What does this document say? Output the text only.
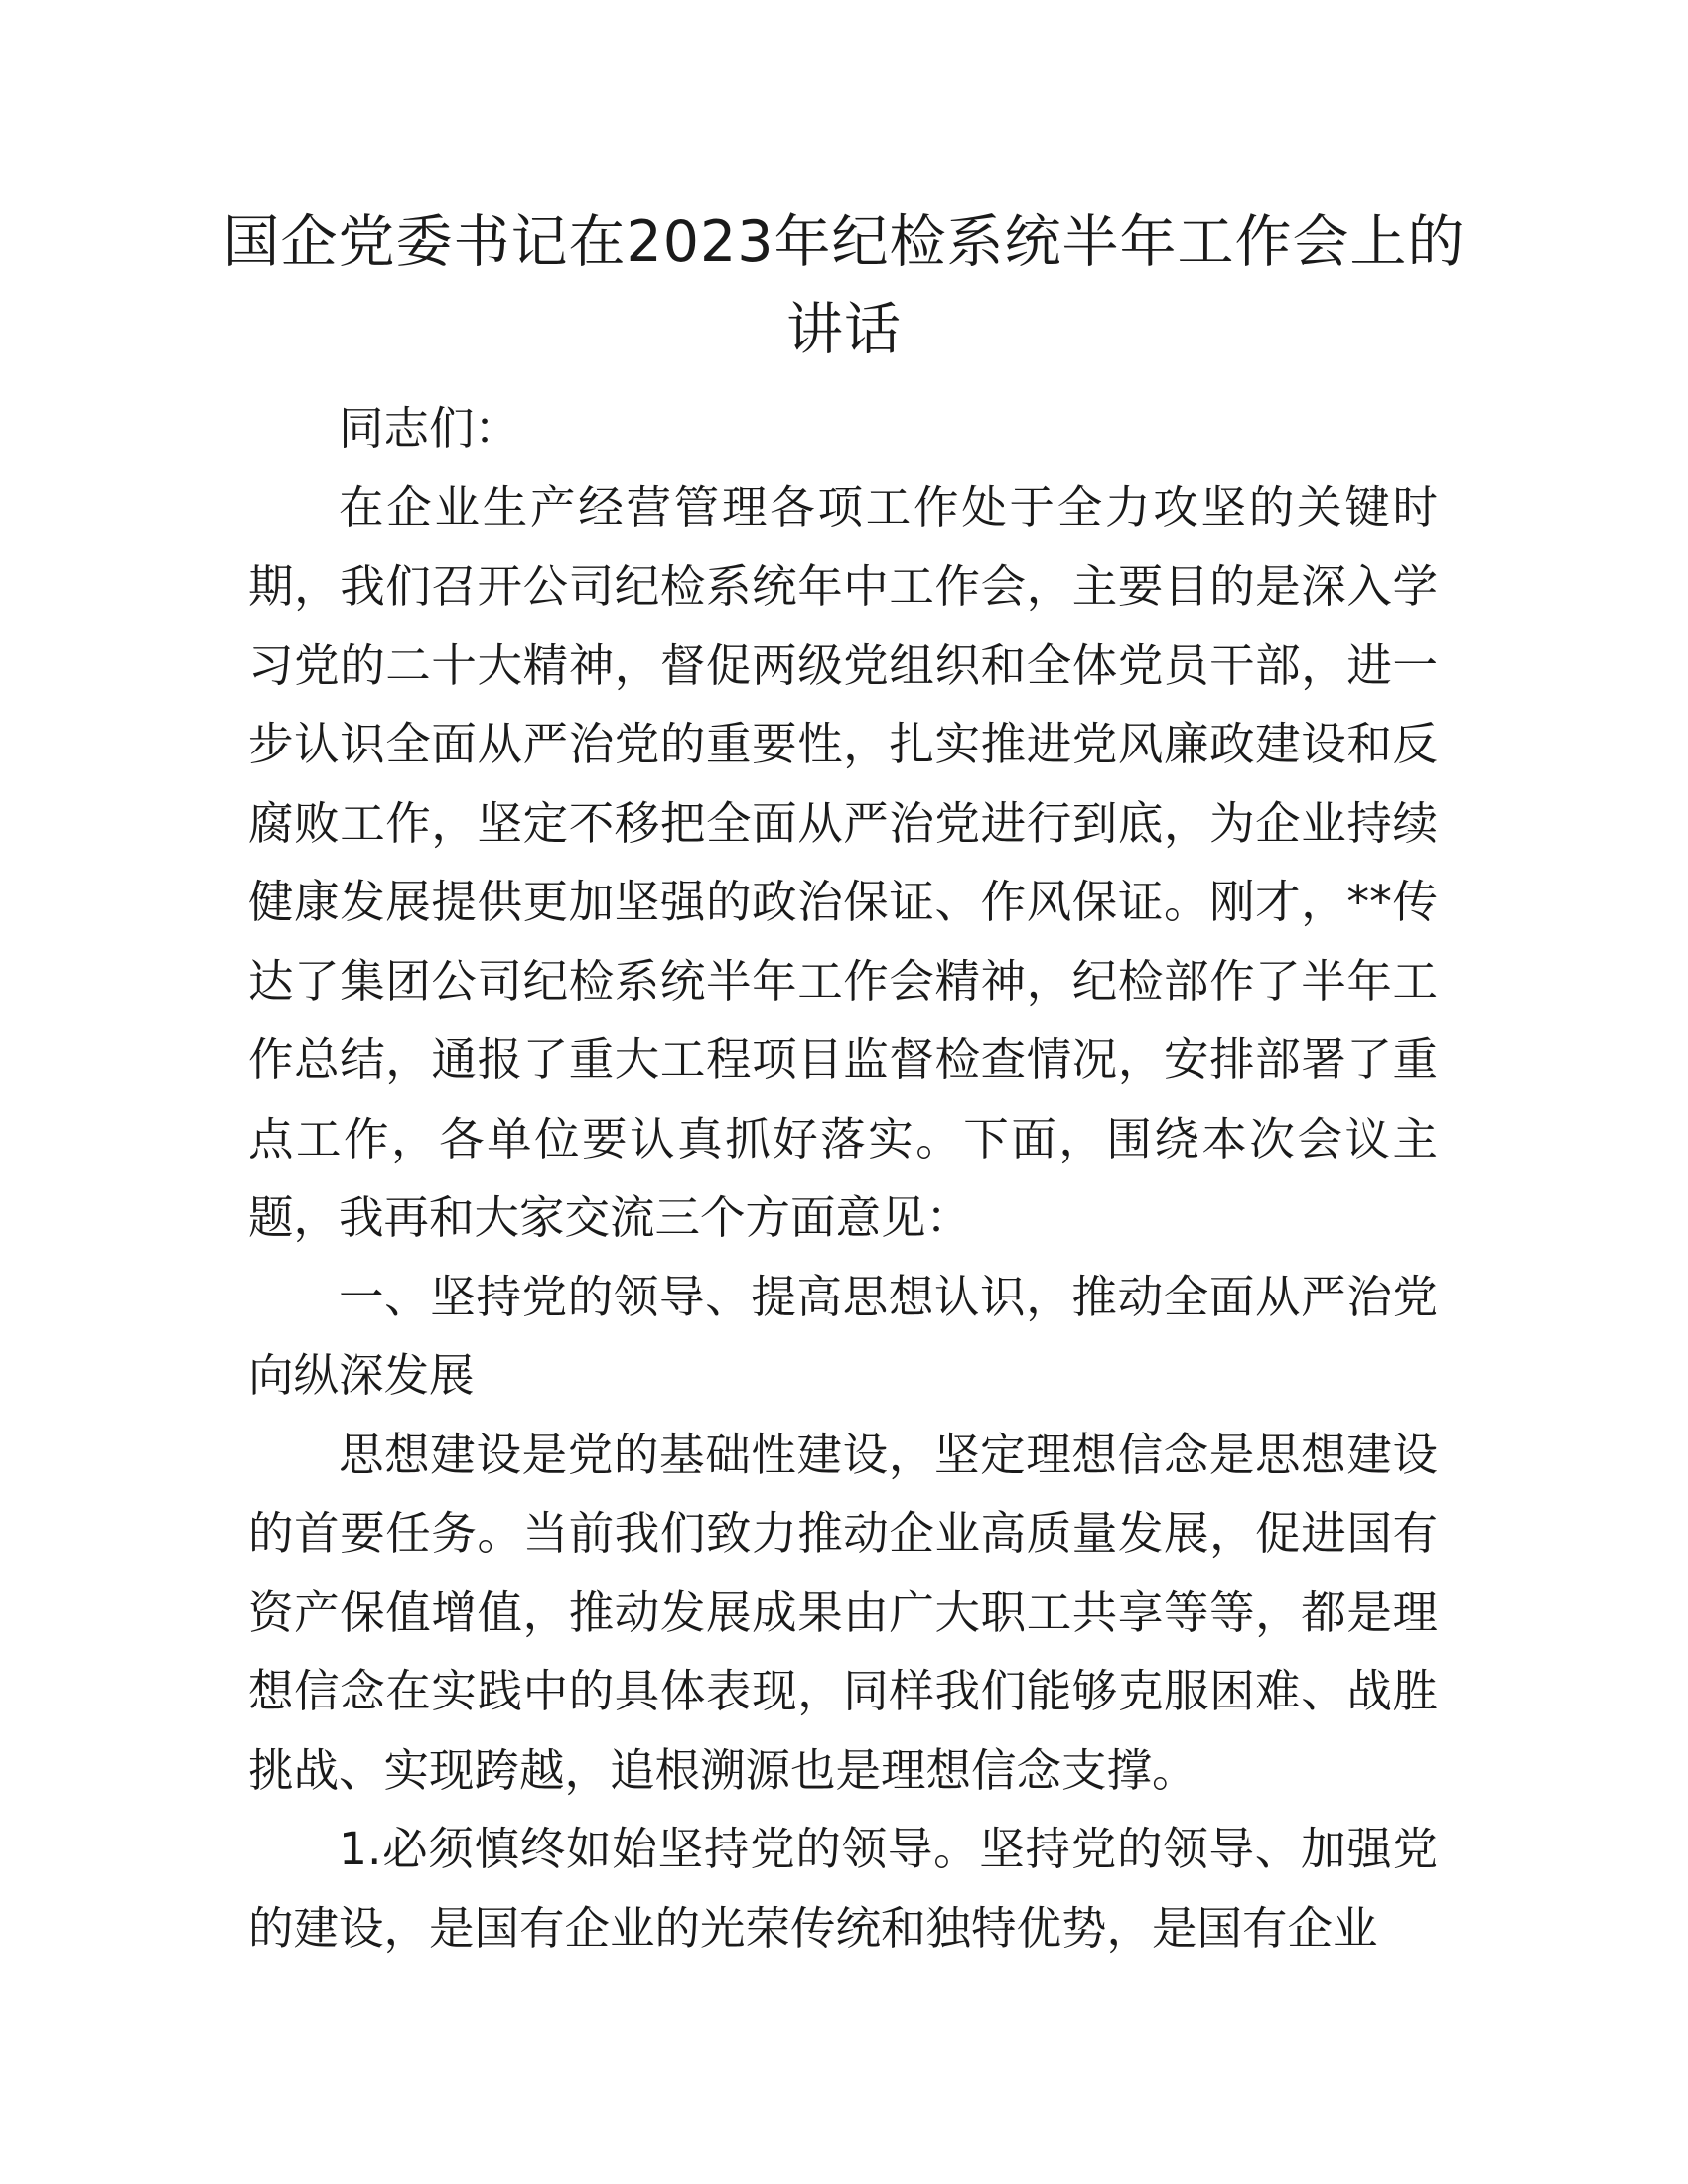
国企党委书记在2023年纪检系统半年工作会上的讲话

同志们：

在企业生产经营管理各项工作处于全力攻坚的关键时期，我们召开公司纪检系统年中工作会，主要目的是深入学习党的二十大精神，督促两级党组织和全体党员干部，进一步认识全面从严治党的重要性，扎实推进党风廉政建设和反腐败工作，坚定不移把全面从严治党进行到底，为企业持续健康发展提供更加坚强的政治保证、作风保证。刚才，**传达了集团公司纪检系统半年工作会精神，纪检部作了半年工作总结，通报了重大工程项目监督检查情况，安排部署了重点工作，各单位要认真抓好落实。下面，围绕本次会议主题，我再和大家交流三个方面意见：

一、坚持党的领导、提高思想认识，推动全面从严治党向纵深发展

思想建设是党的基础性建设，坚定理想信念是思想建设的首要任务。当前我们致力推动企业高质量发展，促进国有资产保值增值，推动发展成果由广大职工共享等等，都是理想信念在实践中的具体表现，同样我们能够克服困难、战胜挑战、实现跨越，追根溯源也是理想信念支撑。

1.必须慎终如始坚持党的领导。坚持党的领导、加强党的建设，是国有企业的光荣传统和独特优势，是国有企业
